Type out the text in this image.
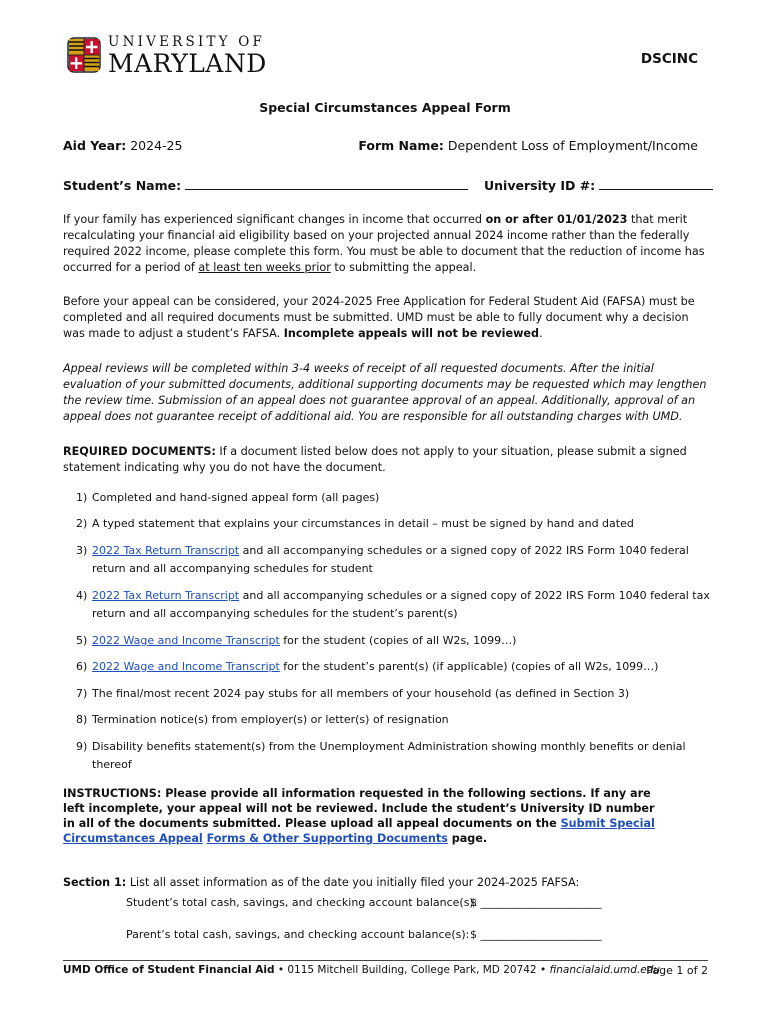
UNIVERSITY OF
MARYLAND	DSCINC
Special Circumstances Appeal Form
Aid Year: 2024-25	Form Name: Dependent Loss of Employment/Income
Student’s Name:	University ID #:
If your family has experienced significant changes in income that occurred on or after 01/01/2023 that merit recalculating your financial aid eligibility based on your projected annual 2024 income rather than the federally required 2022 income, please complete this form. You must be able to document that the reduction of income has occurred for a period of at least ten weeks prior to submitting the appeal.
Before your appeal can be considered, your 2024-2025 Free Application for Federal Student Aid (FAFSA) must be completed and all required documents must be submitted. UMD must be able to fully document why a decision was made to adjust a student’s FAFSA. Incomplete appeals will not be reviewed.
Appeal reviews will be completed within 3-4 weeks of receipt of all requested documents. After the initial evaluation of your submitted documents, additional supporting documents may be requested which may lengthen the review time. Submission of an appeal does not guarantee approval of an appeal. Additionally, approval of an appeal does not guarantee receipt of additional aid. You are responsible for all outstanding charges with UMD.
REQUIRED DOCUMENTS: If a document listed below does not apply to your situation, please submit a signed statement indicating why you do not have the document.
1) Completed and hand-signed appeal form (all pages)
2) A typed statement that explains your circumstances in detail – must be signed by hand and dated
3) 2022 Tax Return Transcript and all accompanying schedules or a signed copy of 2022 IRS Form 1040 federal return and all accompanying schedules for student
4) 2022 Tax Return Transcript and all accompanying schedules or a signed copy of 2022 IRS Form 1040 federal tax return and all accompanying schedules for the student’s parent(s)
5) 2022 Wage and Income Transcript for the student (copies of all W2s, 1099…)
6) 2022 Wage and Income Transcript for the student’s parent(s) (if applicable) (copies of all W2s, 1099…)
7) The final/most recent 2024 pay stubs for all members of your household (as defined in Section 3)
8) Termination notice(s) from employer(s) or letter(s) of resignation
9) Disability benefits statement(s) from the Unemployment Administration showing monthly benefits or denial thereof
INSTRUCTIONS: Please provide all information requested in the following sections. If any are left incomplete, your appeal will not be reviewed. Include the student’s University ID number in all of the documents submitted. Please upload all appeal documents on the Submit Special Circumstances Appeal Forms & Other Supporting Documents page.
Section 1: List all asset information as of the date you initially filed your 2024-2025 FAFSA:
Student’s total cash, savings, and checking account balance(s):
$ ______________________
Parent’s total cash, savings, and checking account balance(s): $ ______________________
UMD Office of Student Financial Aid • 0115 Mitchell Building, College Park, MD 20742 • financialaid.umd.edu
Page 1 of 2
